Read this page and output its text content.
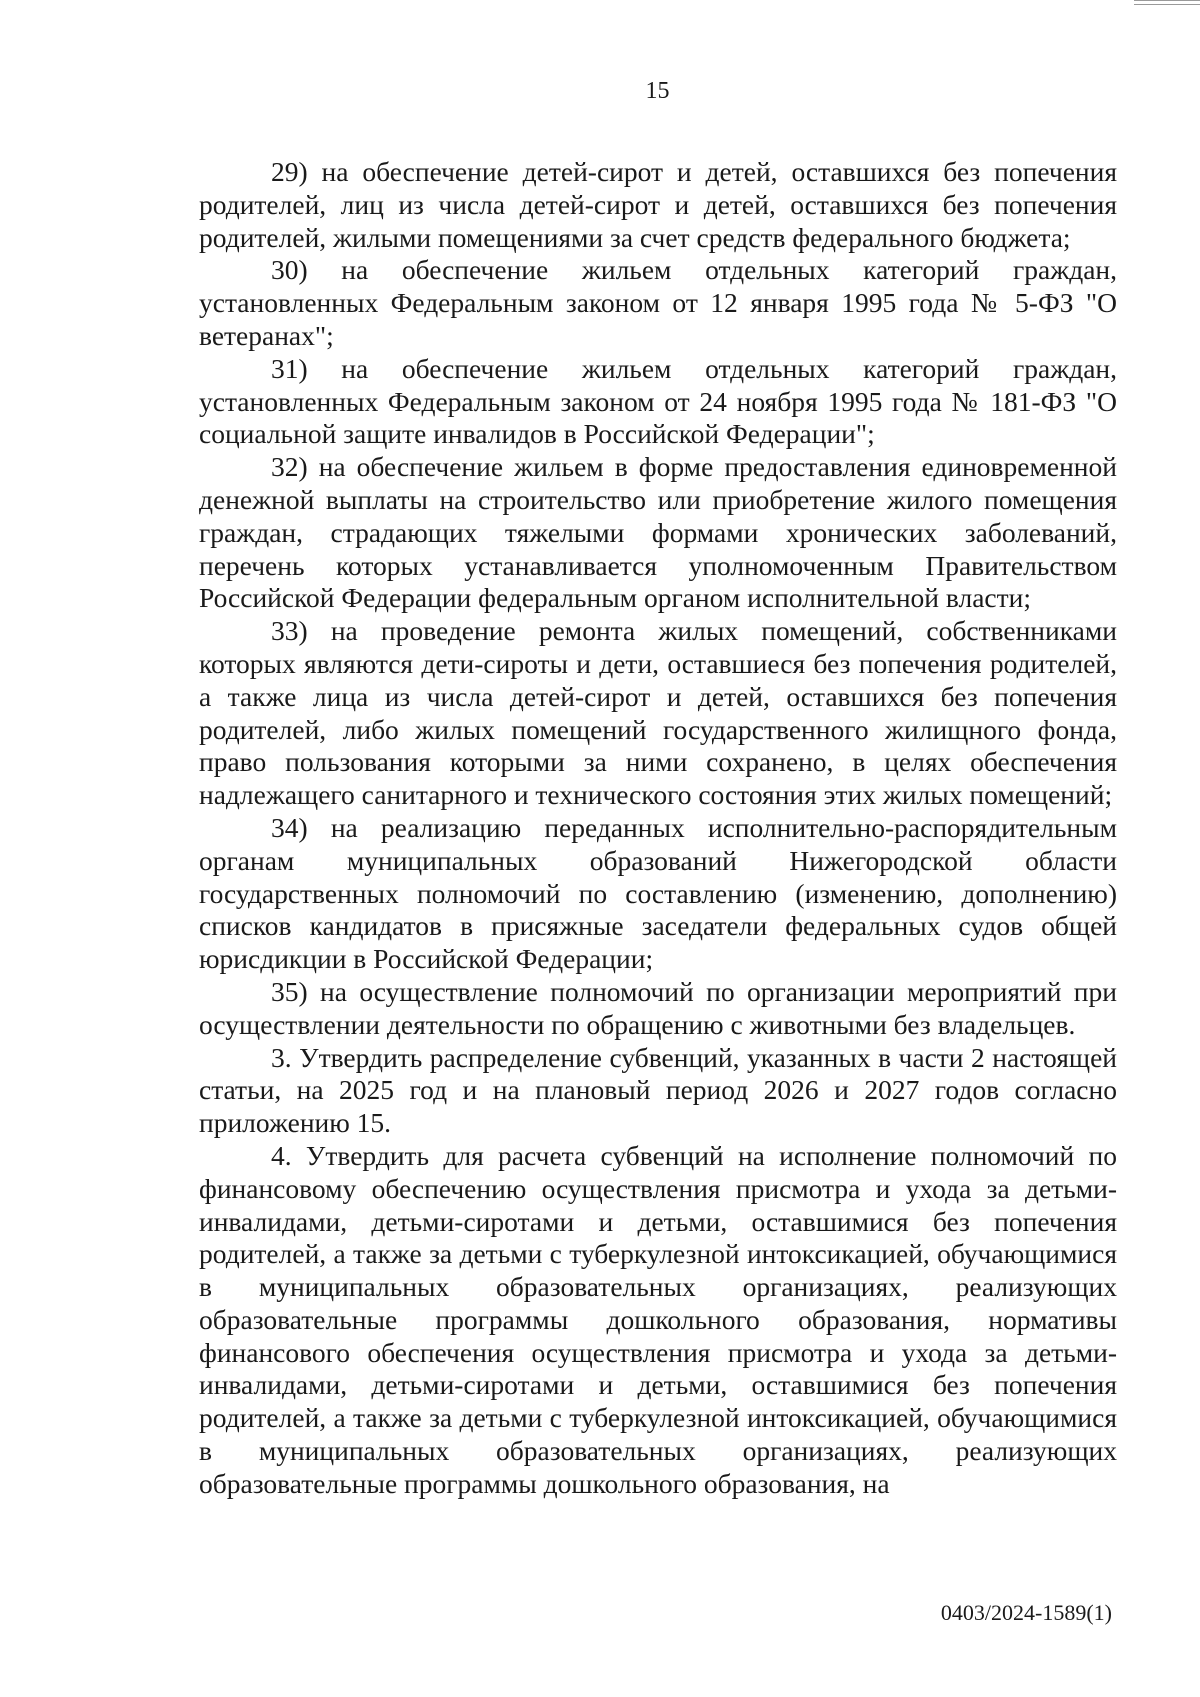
15

29) на обеспечение детей-сирот и детей, оставшихся без попечения родителей, лиц из числа детей-сирот и детей, оставшихся без попечения родителей, жилыми помещениями за счет средств федерального бюджета;

30) на обеспечение жильем отдельных категорий граждан, установленных Федеральным законом от 12 января 1995 года № 5-ФЗ "О ветеранах";

31) на обеспечение жильем отдельных категорий граждан, установленных Федеральным законом от 24 ноября 1995 года № 181-ФЗ "О социальной защите инвалидов в Российской Федерации";

32) на обеспечение жильем в форме предоставления единовременной денежной выплаты на строительство или приобретение жилого помещения граждан, страдающих тяжелыми формами хронических заболеваний, перечень которых устанавливается уполномоченным Правительством Российской Федерации федеральным органом исполнительной власти;

33) на проведение ремонта жилых помещений, собственниками которых являются дети-сироты и дети, оставшиеся без попечения родителей, а также лица из числа детей-сирот и детей, оставшихся без попечения родителей, либо жилых помещений государственного жилищного фонда, право пользования которыми за ними сохранено, в целях обеспечения надлежащего санитарного и технического состояния этих жилых помещений;

34) на реализацию переданных исполнительно-распорядительным органам муниципальных образований Нижегородской области государственных полномочий по составлению (изменению, дополнению) списков кандидатов в присяжные заседатели федеральных судов общей юрисдикции в Российской Федерации;

35) на осуществление полномочий по организации мероприятий при осуществлении деятельности по обращению с животными без владельцев.

3. Утвердить распределение субвенций, указанных в части 2 настоящей статьи, на 2025 год и на плановый период 2026 и 2027 годов согласно приложению 15.

4. Утвердить для расчета субвенций на исполнение полномочий по финансовому обеспечению осуществления присмотра и ухода за детьми-инвалидами, детьми-сиротами и детьми, оставшимися без попечения родителей, а также за детьми с туберкулезной интоксикацией, обучающимися в муниципальных образовательных организациях, реализующих образовательные программы дошкольного образования, нормативы финансового обеспечения осуществления присмотра и ухода за детьми-инвалидами, детьми-сиротами и детьми, оставшимися без попечения родителей, а также за детьми с туберкулезной интоксикацией, обучающимися в муниципальных образовательных организациях, реализующих образовательные программы дошкольного образования, на

0403/2024-1589(1)
